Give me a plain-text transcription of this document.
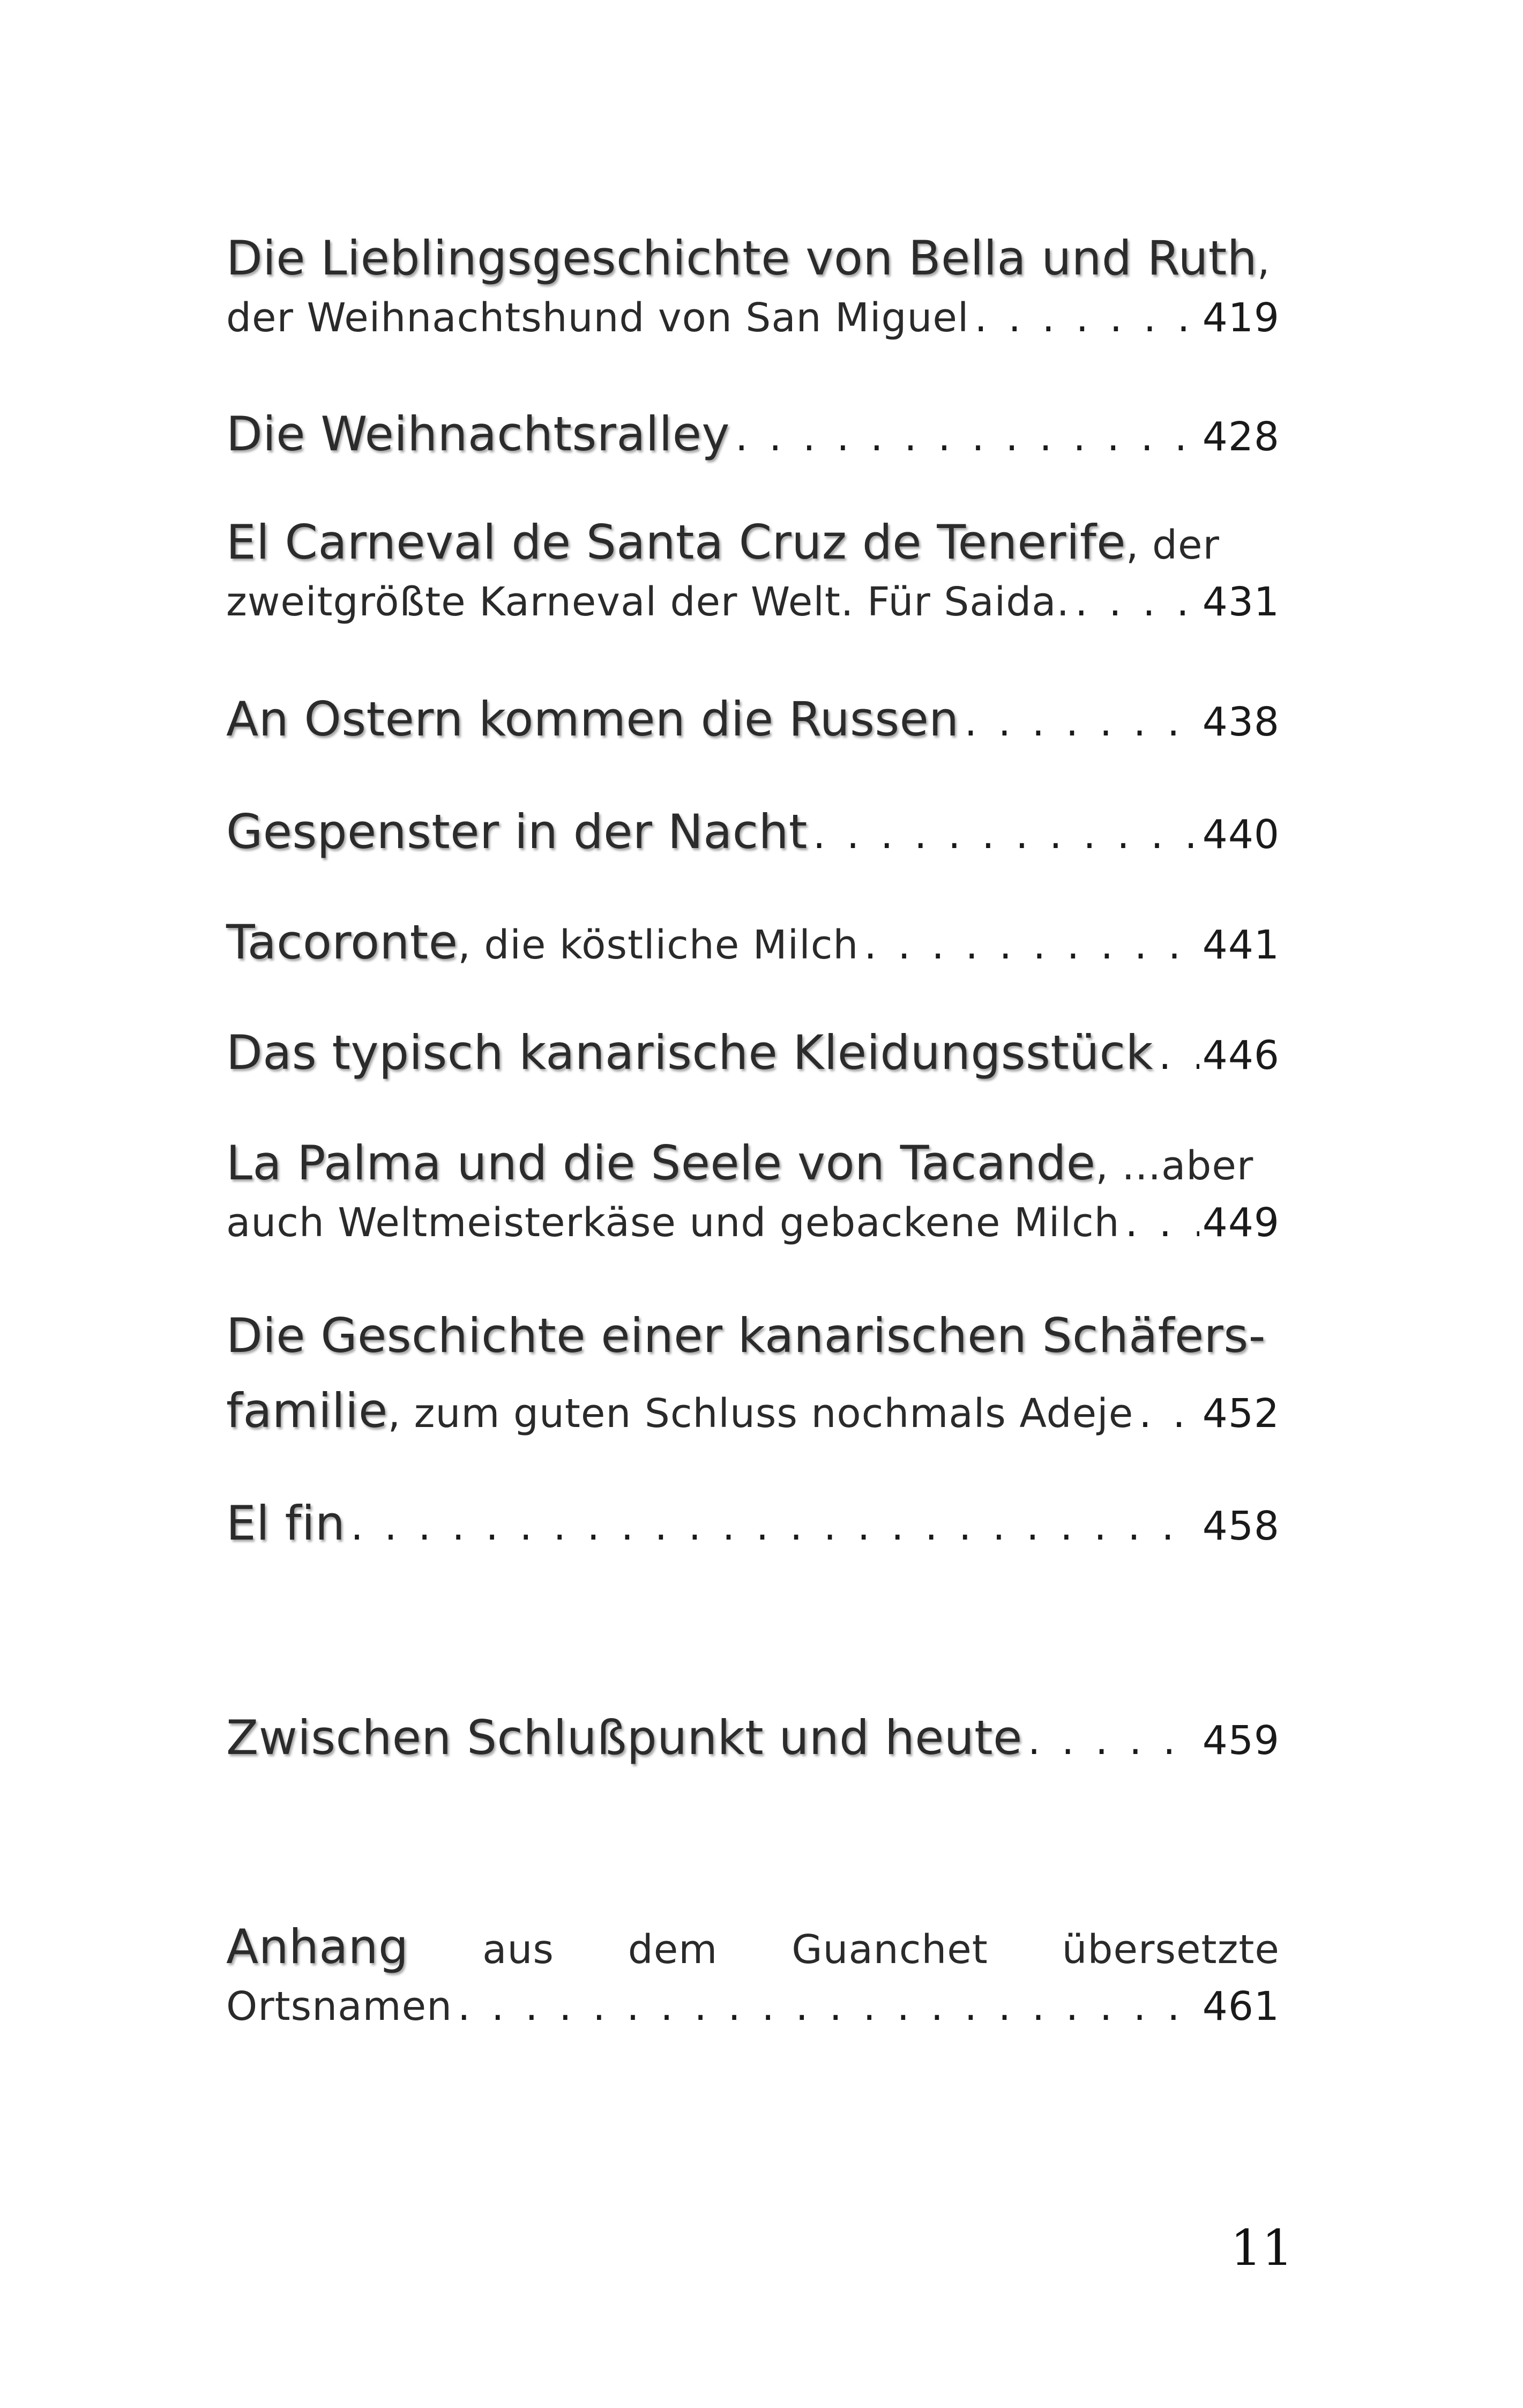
Die Lieblingsgeschichte von Bella und Ruth,
der Weihnachtshund von San Miguel . . .	419
Die Weihnachtsralley . . .	428
El Carneval de Santa Cruz de Tenerife, der
zweitgrößte Karneval der Welt. Für Saida. . . .	431
An Ostern kommen die Russen . . .	438
Gespenster in der Nacht . . .	440
Tacoronte, die köstliche Milch . . .	441
Das typisch kanarische Kleidungsstück . . . 446
La Palma und die Seele von Tacande, ...aber
auch Weltmeisterkäse und gebackene Milch . . . 449
Die Geschichte einer kanarischen Schäfers-
familie, zum guten Schluss nochmals Adeje . . . 452
El fin . . .	458
Zwischen Schlußpunkt und heute . . .	459
Anhang aus dem Guanchet übersetzte
Ortsnamen . . .	461
11
